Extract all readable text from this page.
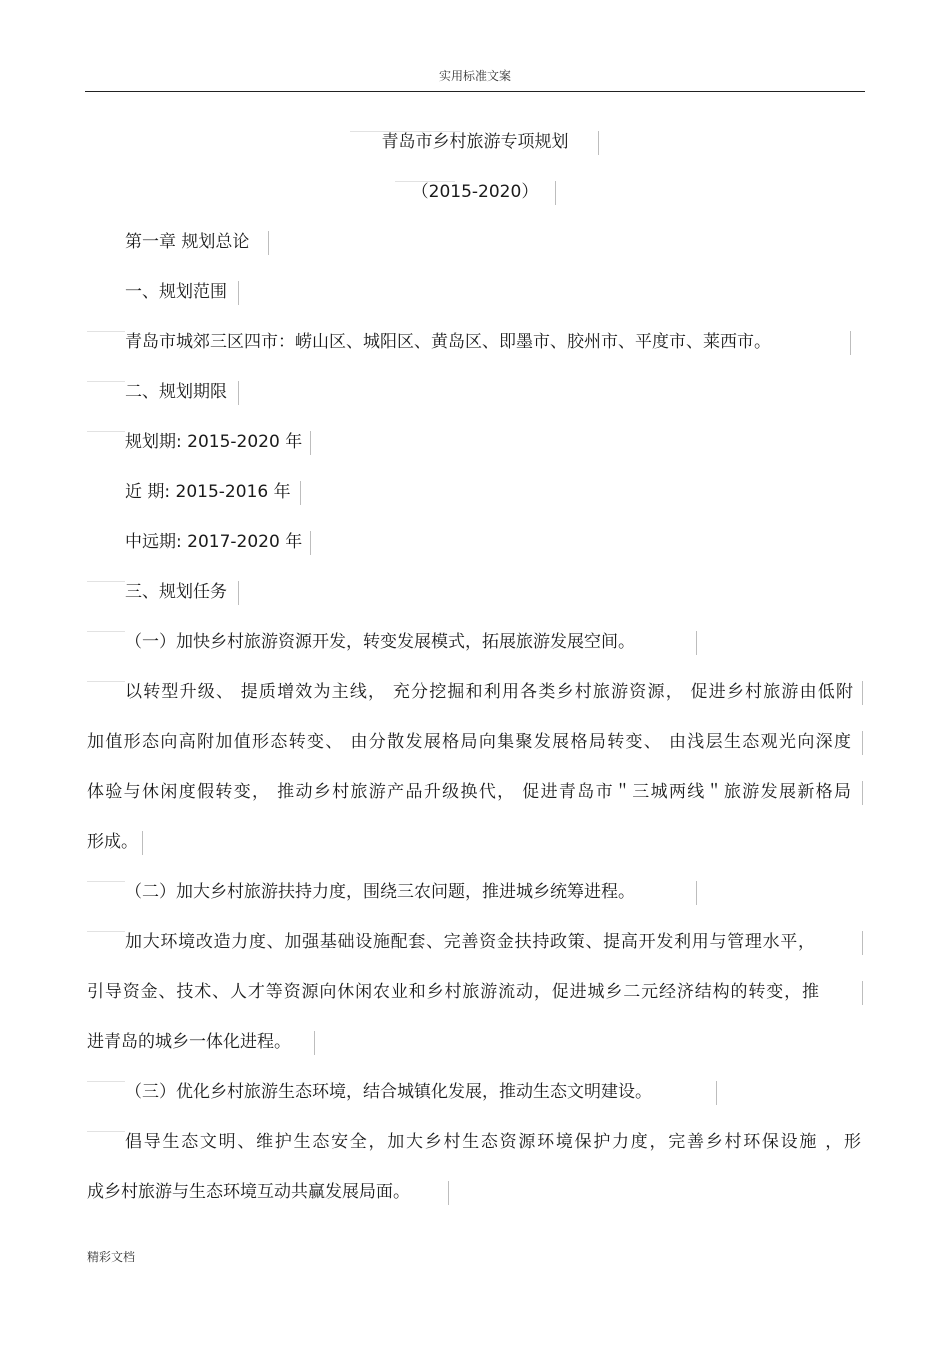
实用标准文案
青岛市乡村旅游专项规划
（2015-2020）
第一章 规划总论
一、规划范围
青岛市城郊三区四市：崂山区、城阳区、黄岛区、即墨市、胶州市、平度市、莱西市。
二、规划期限
规划期: 2015-2020 年
近 期: 2015-2016 年
中远期: 2017-2020 年
三、规划任务
（一）加快乡村旅游资源开发，转变发展模式，拓展旅游发展空间。
以转型升级、 提质增效为主线， 充分挖掘和利用各类乡村旅游资源， 促进乡村旅游由低附
加值形态向高附加值形态转变、 由分散发展格局向集聚发展格局转变、 由浅层生态观光向深度
体验与休闲度假转变， 推动乡村旅游产品升级换代， 促进青岛市＂三城两线＂旅游发展新格局
形成。
（二）加大乡村旅游扶持力度，围绕三农问题，推进城乡统筹进程。
加大环境改造力度、加强基础设施配套、完善资金扶持政策、提高开发利用与管理水平，
引导资金、技术、人才等资源向休闲农业和乡村旅游流动，促进城乡二元经济结构的转变，推
进青岛的城乡一体化进程。
（三）优化乡村旅游生态环境，结合城镇化发展，推动生态文明建设。
倡导生态文明、维护生态安全，加大乡村生态资源环境保护力度，完善乡村环保设施 ，形
成乡村旅游与生态环境互动共赢发展局面。
精彩文档
